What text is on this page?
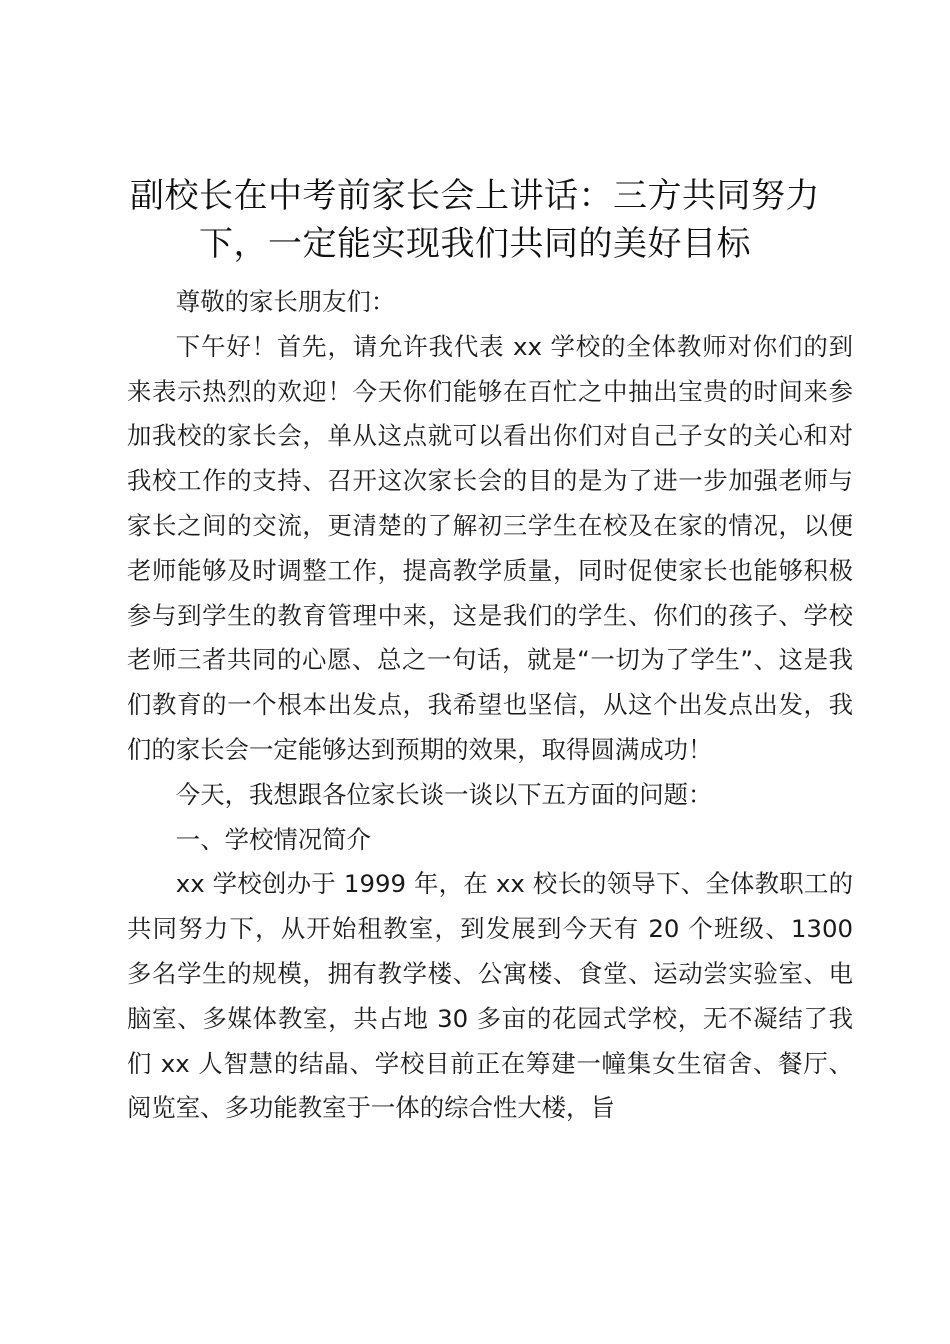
副校长在中考前家长会上讲话：三方共同努力下，一定能实现我们共同的美好目标

尊敬的家长朋友们：

下午好！首先，请允许我代表 xx 学校的全体教师对你们的到来表示热烈的欢迎！今天你们能够在百忙之中抽出宝贵的时间来参加我校的家长会，单从这点就可以看出你们对自己子女的关心和对我校工作的支持、召开这次家长会的目的是为了进一步加强老师与家长之间的交流，更清楚的了解初三学生在校及在家的情况，以便老师能够及时调整工作，提高教学质量，同时促使家长也能够积极参与到学生的教育管理中来，这是我们的学生、你们的孩子、学校老师三者共同的心愿、总之一句话，就是“一切为了学生”、这是我们教育的一个根本出发点，我希望也坚信，从这个出发点出发，我们的家长会一定能够达到预期的效果，取得圆满成功！

今天，我想跟各位家长谈一谈以下五方面的问题：

一、学校情况简介

xx 学校创办于 1999 年，在 xx 校长的领导下、全体教职工的共同努力下，从开始租教室，到发展到今天有 20 个班级、1300 多名学生的规模，拥有教学楼、公寓楼、食堂、运动尝实验室、电脑室、多媒体教室，共占地 30 多亩的花园式学校，无不凝结了我们 xx 人智慧的结晶、学校目前正在筹建一幢集女生宿舍、餐厅、阅览室、多功能教室于一体的综合性大楼，旨
